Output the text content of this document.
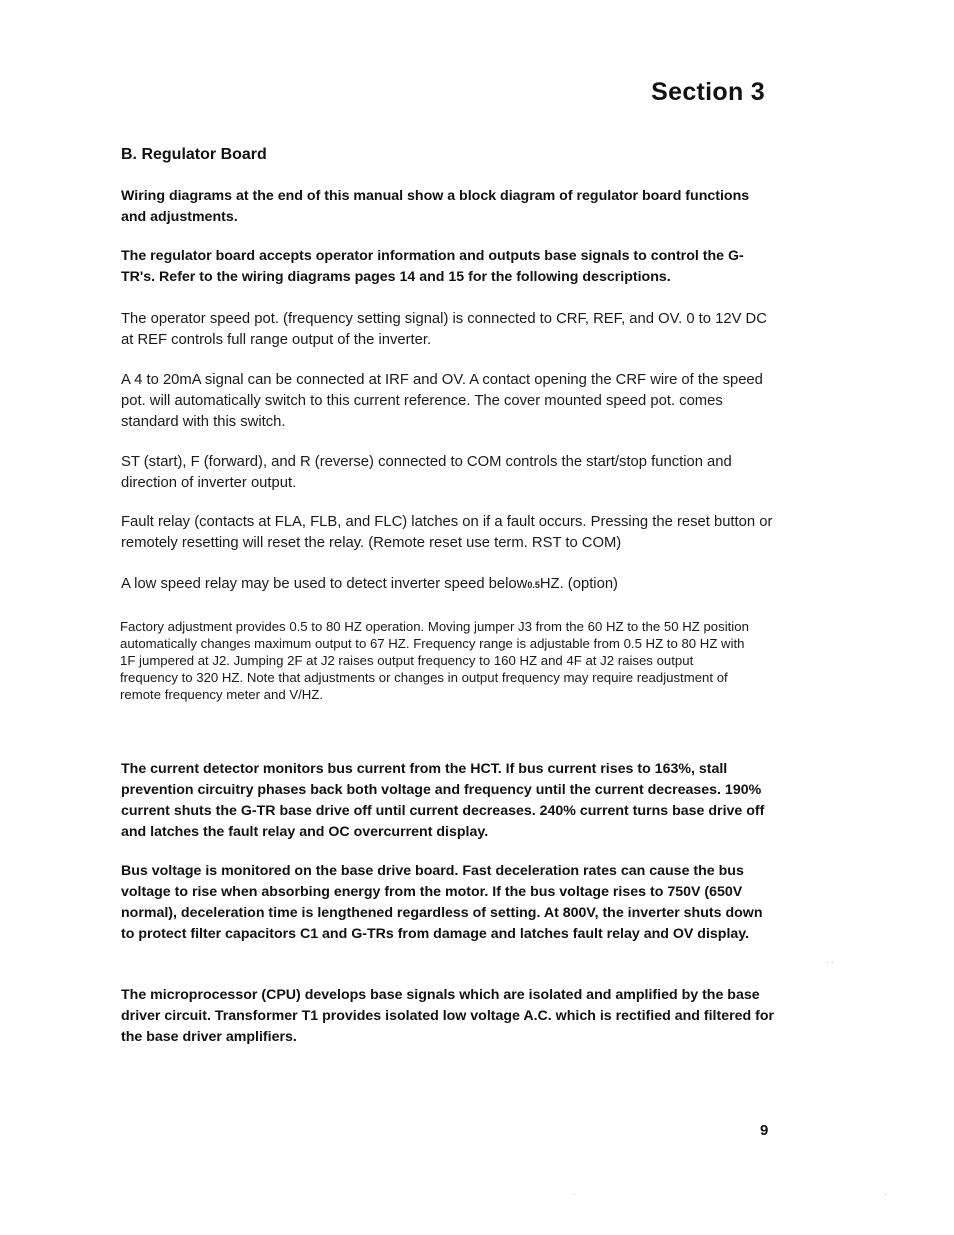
Section 3
B. Regulator Board

Wiring diagrams at the end of this manual show a block diagram of regulator board functions and adjustments.

The regulator board accepts operator information and outputs base signals to control the G-TR's. Refer to the wiring diagrams pages 14 and 15 for the following descriptions.

The operator speed pot. (frequency setting signal) is connected to CRF, REF, and OV. 0 to 12V DC at REF controls full range output of the inverter.

A 4 to 20mA signal can be connected at IRF and OV. A contact opening the CRF wire of the speed pot. will automatically switch to this current reference. The cover mounted speed pot. comes standard with this switch.

ST (start), F (forward), and R (reverse) connected to COM controls the start/stop function and direction of inverter output.

Fault relay (contacts at FLA, FLB, and FLC) latches on if a fault occurs. Pressing the reset button or remotely resetting will reset the relay. (Remote reset use term. RST to COM)

A low speed relay may be used to detect inverter speed below0.5HZ. (option)

Factory adjustment provides 0.5 to 80 HZ operation. Moving jumper J3 from the 60 HZ to the 50 HZ position automatically changes maximum output to 67 HZ. Frequency range is adjustable from 0.5 HZ to 80 HZ with 1F jumpered at J2. Jumping 2F at J2 raises output frequency to 160 HZ and 4F at J2 raises output frequency to 320 HZ. Note that adjustments or changes in output frequency may require readjustment of remote frequency meter and V/HZ.

The current detector monitors bus current from the HCT. If bus current rises to 163%, stall prevention circuitry phases back both voltage and frequency until the current decreases. 190% current shuts the G-TR base drive off until current decreases. 240% current turns base drive off and latches the fault relay and OC overcurrent display.

Bus voltage is monitored on the base drive board. Fast deceleration rates can cause the bus voltage to rise when absorbing energy from the motor. If the bus voltage rises to 750V (650V normal), deceleration time is lengthened regardless of setting. At 800V, the inverter shuts down to protect filter capacitors C1 and G-TRs from damage and latches fault relay and OV display.

The microprocessor (CPU) develops base signals which are isolated and amplified by the base driver circuit. Transformer T1 provides isolated low voltage A.C. which is rectified and filtered for the base driver amplifiers.

9
· ·
·	·
